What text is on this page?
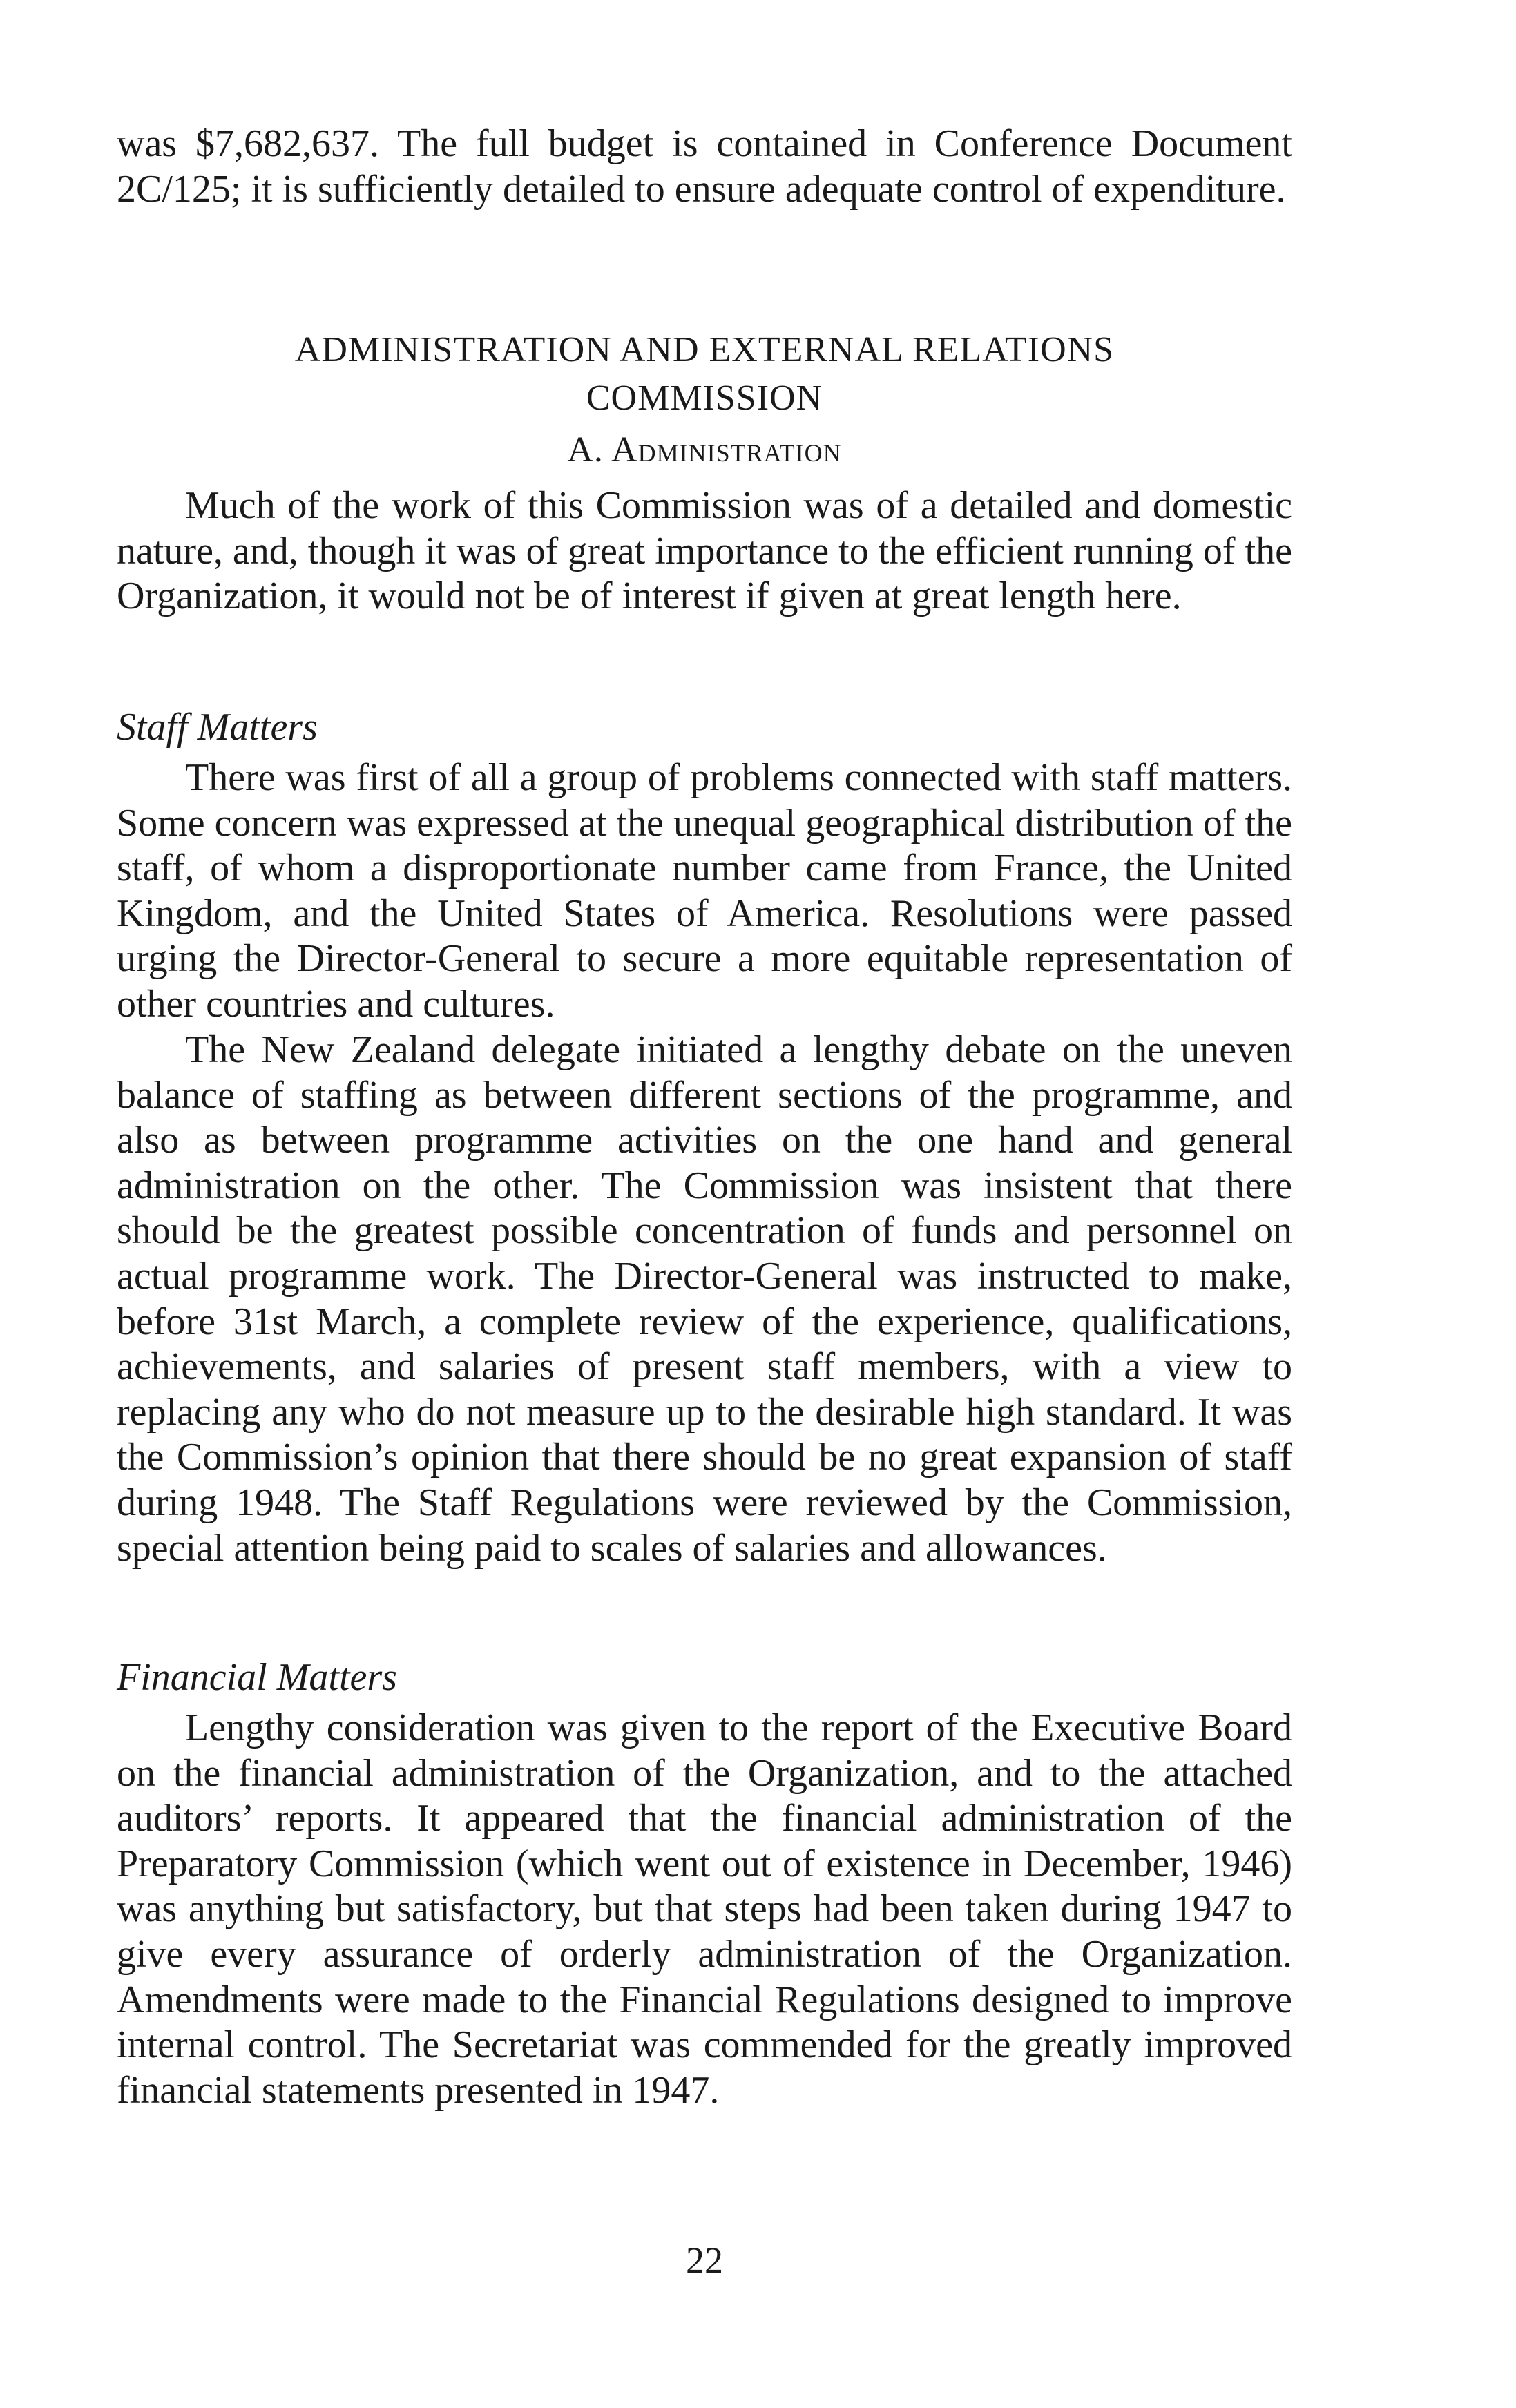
was $7,682,637. The full budget is contained in Conference Document 2C/125; it is sufficiently detailed to ensure adequate control of expenditure.

ADMINISTRATION AND EXTERNAL RELATIONS

COMMISSION

A. Administration

Much of the work of this Commission was of a detailed and domestic nature, and, though it was of great importance to the efficient running of the Organization, it would not be of interest if given at great length here.

Staff Matters

There was first of all a group of problems connected with staff matters. Some concern was expressed at the unequal geographical distribution of the staff, of whom a disproportionate number came from France, the United Kingdom, and the United States of America. Resolutions were passed urging the Director-General to secure a more equitable representation of other countries and cultures.

The New Zealand delegate initiated a lengthy debate on the uneven balance of staffing as between different sections of the programme, and also as between programme activities on the one hand and general administration on the other. The Commission was insistent that there should be the greatest possible concentration of funds and personnel on actual programme work. The Director-General was instructed to make, before 31st March, a complete review of the experience, qualifications, achievements, and salaries of present staff members, with a view to replacing any who do not measure up to the desirable high standard. It was the Commission’s opinion that there should be no great expansion of staff during 1948. The Staff Regulations were reviewed by the Commission, special attention being paid to scales of salaries and allowances.

Financial Matters

Lengthy consideration was given to the report of the Executive Board on the financial administration of the Organization, and to the attached auditors’ reports. It appeared that the financial administration of the Preparatory Commission (which went out of existence in December, 1946) was anything but satisfactory, but that steps had been taken during 1947 to give every assurance of orderly administration of the Organization. Amendments were made to the Financial Regulations designed to improve internal control. The Secretariat was commended for the greatly improved financial statements presented in 1947.

22
